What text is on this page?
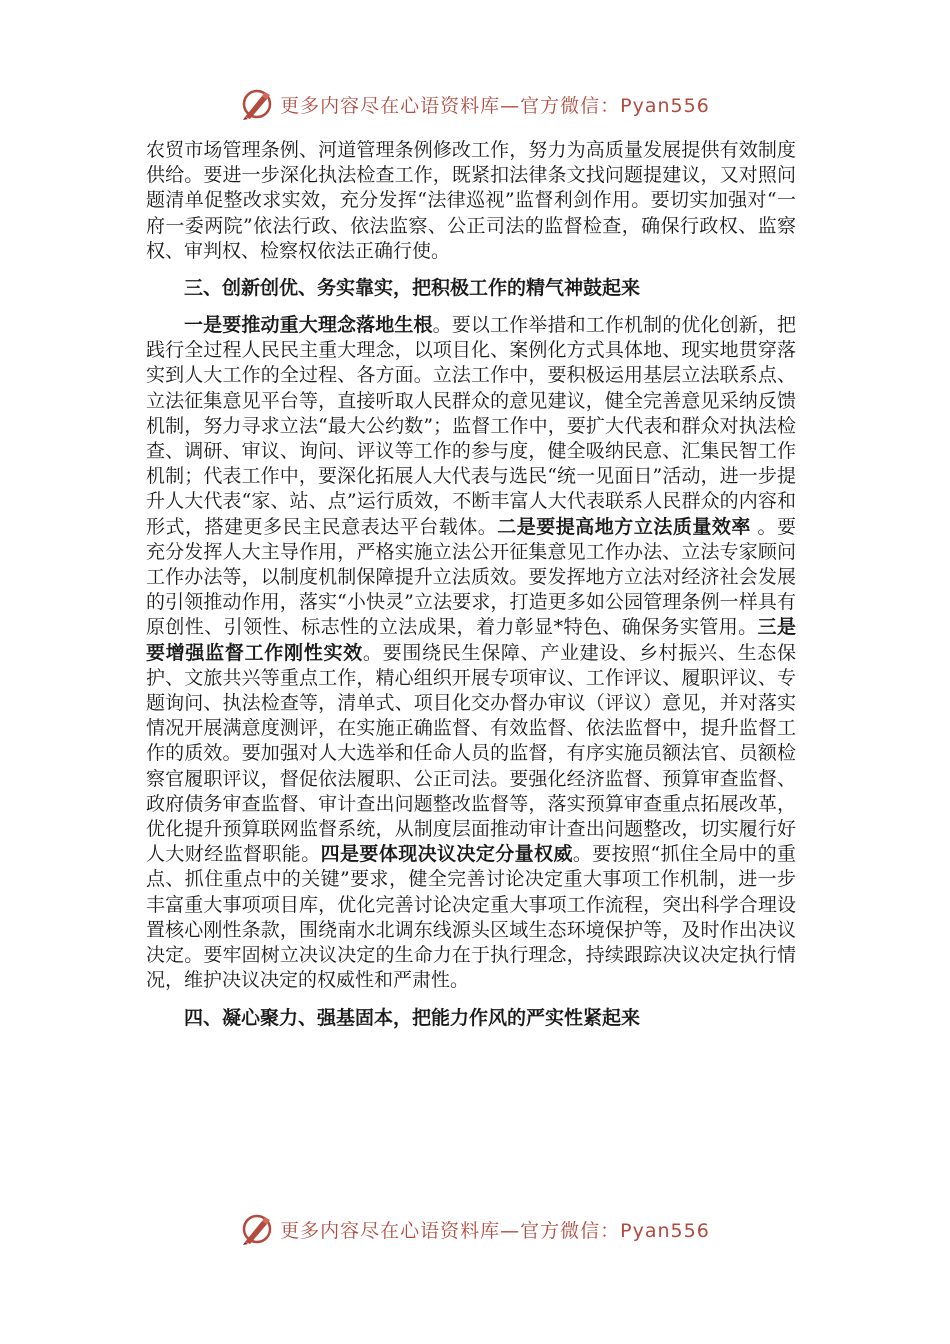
更多内容尽在心语资料库—官方微信：Pyan556

农贸市场管理条例、河道管理条例修改工作，努力为高质量发展提供有效制度供给。要进一步深化执法检查工作，既紧扣法律条文找问题提建议，又对照问题清单促整改求实效，充分发挥“法律巡视”监督利剑作用。要切实加强对“一府一委两院”依法行政、依法监察、公正司法的监督检查，确保行政权、监察权、审判权、检察权依法正确行使。

三、创新创优、务实靠实，把积极工作的精气神鼓起来

一是要推动重大理念落地生根。要以工作举措和工作机制的优化创新，把践行全过程人民民主重大理念，以项目化、案例化方式具体地、现实地贯穿落实到人大工作的全过程、各方面。立法工作中，要积极运用基层立法联系点、立法征集意见平台等，直接听取人民群众的意见建议，健全完善意见采纳反馈机制，努力寻求立法“最大公约数”；监督工作中，要扩大代表和群众对执法检查、调研、审议、询问、评议等工作的参与度，健全吸纳民意、汇集民智工作机制；代表工作中，要深化拓展人大代表与选民“统一见面日”活动，进一步提升人大代表“家、站、点”运行质效，不断丰富人大代表联系人民群众的内容和形式，搭建更多民主民意表达平台载体。二是要提高地方立法质量效率 。要充分发挥人大主导作用，严格实施立法公开征集意见工作办法、立法专家顾问工作办法等，以制度机制保障提升立法质效。要发挥地方立法对经济社会发展的引领推动作用，落实“小快灵”立法要求，打造更多如公园管理条例一样具有原创性、引领性、标志性的立法成果，着力彰显*特色、确保务实管用。三是要增强监督工作刚性实效。要围绕民生保障、产业建设、乡村振兴、生态保护、文旅共兴等重点工作，精心组织开展专项审议、工作评议、履职评议、专题询问、执法检查等，清单式、项目化交办督办审议（评议）意见，并对落实情况开展满意度测评，在实施正确监督、有效监督、依法监督中，提升监督工作的质效。要加强对人大选举和任命人员的监督，有序实施员额法官、员额检察官履职评议，督促依法履职、公正司法。要强化经济监督、预算审查监督、政府债务审查监督、审计查出问题整改监督等，落实预算审查重点拓展改革，优化提升预算联网监督系统，从制度层面推动审计查出问题整改，切实履行好人大财经监督职能。四是要体现决议决定分量权威。要按照“抓住全局中的重点、抓住重点中的关键”要求，健全完善讨论决定重大事项工作机制，进一步丰富重大事项项目库，优化完善讨论决定重大事项工作流程，突出科学合理设置核心刚性条款，围绕南水北调东线源头区域生态环境保护等，及时作出决议决定。要牢固树立决议决定的生命力在于执行理念，持续跟踪决议决定执行情况，维护决议决定的权威性和严肃性。

四、凝心聚力、强基固本，把能力作风的严实性紧起来

更多内容尽在心语资料库—官方微信：Pyan556
